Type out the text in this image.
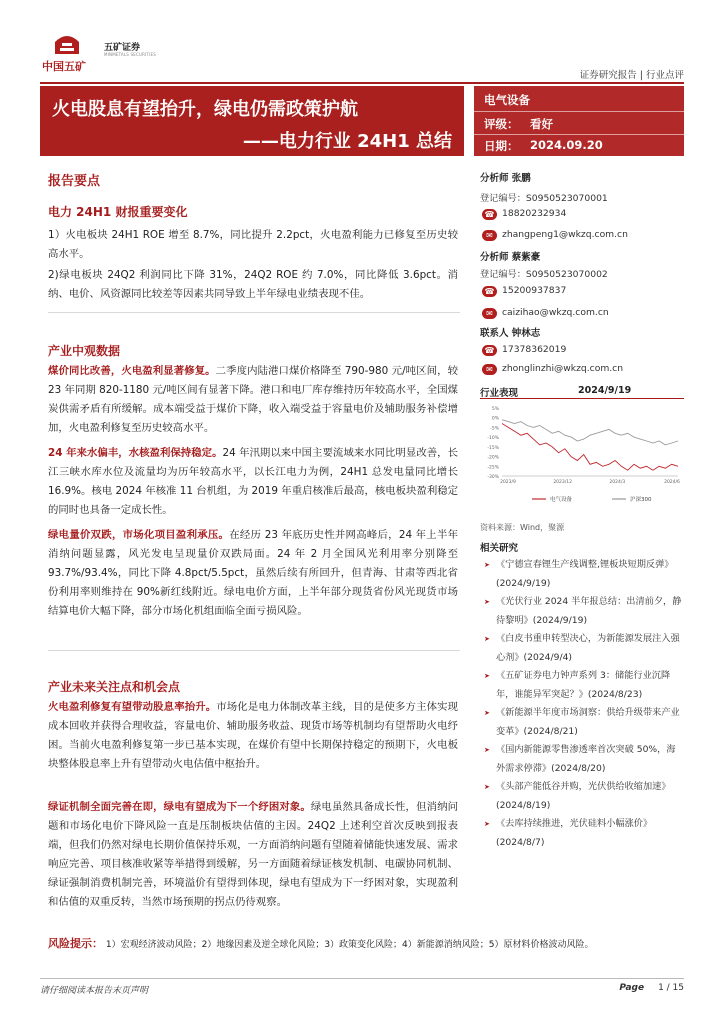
中国五矿
五矿证券
MINMETALS SECURITIES
证券研究报告 | 行业点评
火电股息有望抬升，绿电仍需政策护航
——电力行业 24H1 总结
电气设备
评级： 看好
日期： 2024.09.20
报告要点
电力 24H1 财报重要变化
1）火电板块 24H1 ROE 增至 8.7%，同比提升 2.2pct，火电盈利能力已修复至历史较高水平。
2)绿电板块 24Q2 利润同比下降 31%，24Q2 ROE 约 7.0%，同比降低 3.6pct。消纳、电价、风资源同比较差等因素共同导致上半年绿电业绩表现不佳。
产业中观数据
煤价同比改善，火电盈利显著修复。二季度内陆港口煤价格降至 790-980 元/吨区间，较 23 年同期 820-1180 元/吨区间有显著下降。港口和电厂库存维持历年较高水平，全国煤炭供需矛盾有所缓解。成本端受益于煤价下降，收入端受益于容量电价及辅助服务补偿增加，火电盈利修复至历史较高水平。
24 年来水偏丰，水核盈利保持稳定。24 年汛期以来中国主要流域来水同比明显改善，长江三峡水库水位及流量均为历年较高水平，以长江电力为例，24H1 总发电量同比增长 16.9%。核电 2024 年核准 11 台机组，为 2019 年重启核准后最高，核电板块盈利稳定的同时也具备一定成长性。
绿电量价双跌，市场化项目盈利承压。在经历 23 年底历史性并网高峰后，24 年上半年消纳问题显露，风光发电呈现量价双跌局面。24 年 2 月全国风光利用率分别降至 93.7%/93.4%，同比下降 4.8pct/5.5pct，虽然后续有所回升，但青海、甘肃等西北省份利用率则维持在 90%新红线附近。绿电电价方面，上半年部分现货省份风光现货市场结算电价大幅下降，部分市场化机组面临全面亏损风险。
产业未来关注点和机会点
火电盈利修复有望带动股息率抬升。市场化是电力体制改革主线，目的是使多方主体实现成本回收并获得合理收益，容量电价、辅助服务收益、现货市场等机制均有望帮助火电纾困。当前火电盈利修复第一步已基本实现，在煤价有望中长期保持稳定的预期下，火电板块整体股息率上升有望带动火电估值中枢抬升。
绿证机制全面完善在即，绿电有望成为下一个纾困对象。绿电虽然具备成长性，但消纳问题和市场化电价下降风险一直是压制板块估值的主因。24Q2 上述利空首次反映到报表端，但我们仍然对绿电长期价值保持乐观，一方面消纳问题有望随着储能快速发展、需求响应完善、项目核准收紧等举措得到缓解，另一方面随着绿证核发机制、电碳协同机制、绿证强制消费机制完善，环境溢价有望得到体现，绿电有望成为下一纾困对象，实现盈利和估值的双重反转，当然市场预期的拐点仍待观察。
风险提示： 1）宏观经济波动风险；2）地缘因素及逆全球化风险；3）政策变化风险；4）新能源消纳风险；5）原材料价格波动风险。
分析师 张鹏
登记编号：S0950523070001
☎ 18820232934
✉ zhangpeng1@wkzq.com.cn
分析师 蔡紫豪
登记编号：S0950523070002
☎ 15200937837
✉ caizihao@wkzq.com.cn
联系人 钟林志
☎ 17378362019
✉ zhonglinzhi@wkzq.com.cn
行业表现	2024/9/19
5%
0%
-5%
-10%
-15%
-20%
-25%
-30%
2023/9	2023/12	2024/3	2024/6
电气设备	沪深300
资料来源：Wind，聚源
相关研究
➤ 《宁德宣春锂生产线调整,锂板块短期反弹》(2024/9/19)
➤ 《光伏行业 2024 半年报总结：出清前夕，静待黎明》(2024/9/19)
➤ 《白皮书重申转型决心，为新能源发展注入强心剂》(2024/9/4)
➤ 《五矿证券电力钟声系列 3：储能行业沉降年，谁能异军突起？》(2024/8/23)
➤ 《新能源半年度市场洞察：供给升级带来产业变革》(2024/8/21)
➤ 《国内新能源零售渗透率首次突破 50%，海外需求停滞》(2024/8/20)
➤ 《头部产能低谷并购，光伏供给收缩加速》(2024/8/19)
➤ 《去库持续推进，光伏硅料小幅涨价》(2024/8/7)
请仔细阅读本报告末页声明	Page 1 / 15
